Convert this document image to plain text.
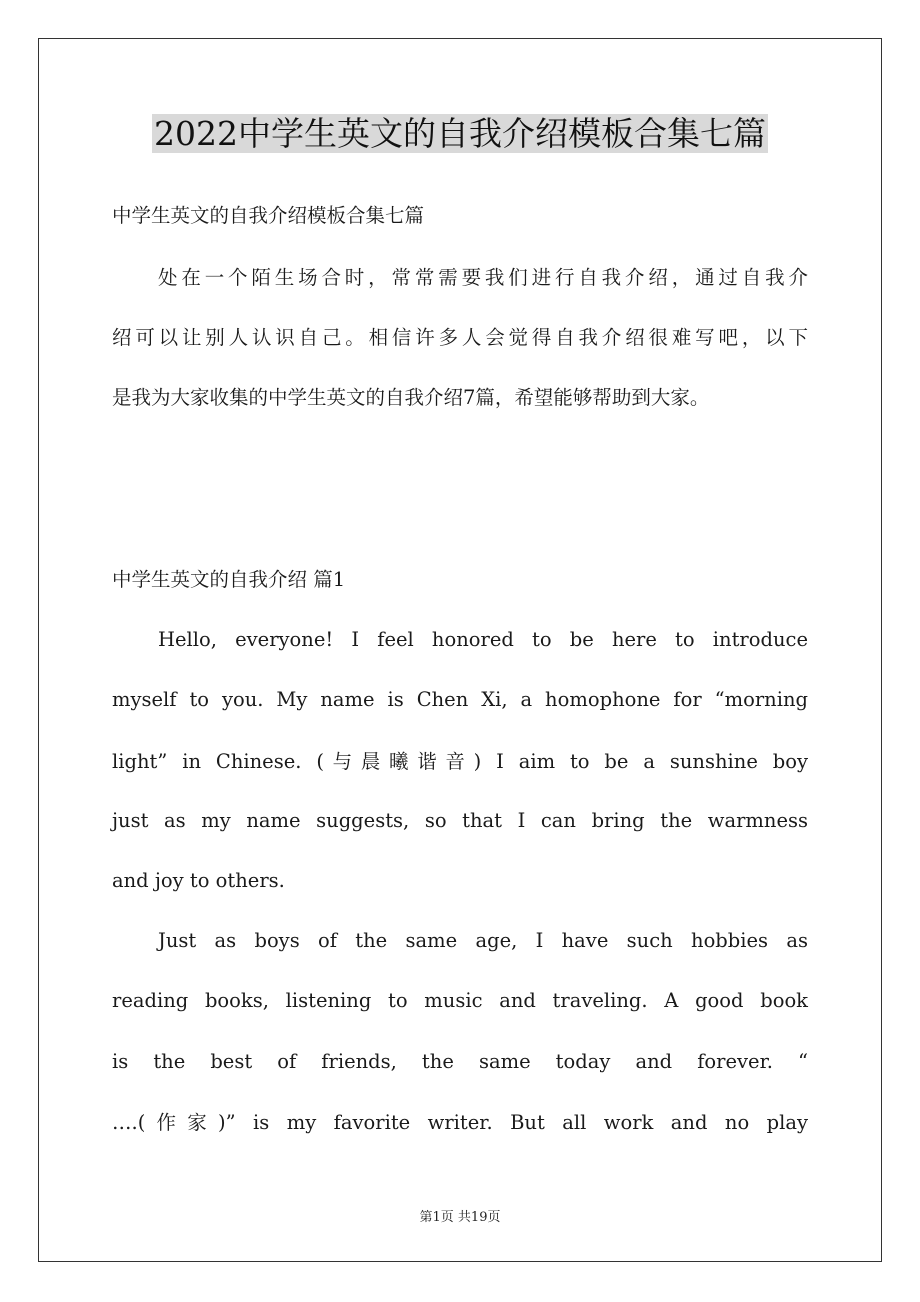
2022中学生英文的自我介绍模板合集七篇
中学生英文的自我介绍模板合集七篇
处在一个陌生场合时，常常需要我们进行自我介绍，通过自我介
绍可以让别人认识自己。相信许多人会觉得自我介绍很难写吧，以下
是我为大家收集的中学生英文的自我介绍7篇，希望能够帮助到大家。
中学生英文的自我介绍 篇1
Hello, everyone! I feel honored to be here to introduce
myself to you. My name is Chen Xi, a homophone for “morning
light” in Chinese. (与晨曦谐音) I aim to be a sunshine boy
just as my name suggests, so that I can bring the warmness
and joy to others.
Just as boys of the same age, I have such hobbies as
reading books, listening to music and traveling. A good book
is the best of friends, the same today and forever. “
….(作家)” is my favorite writer. But all work and no play
第1页 共19页
